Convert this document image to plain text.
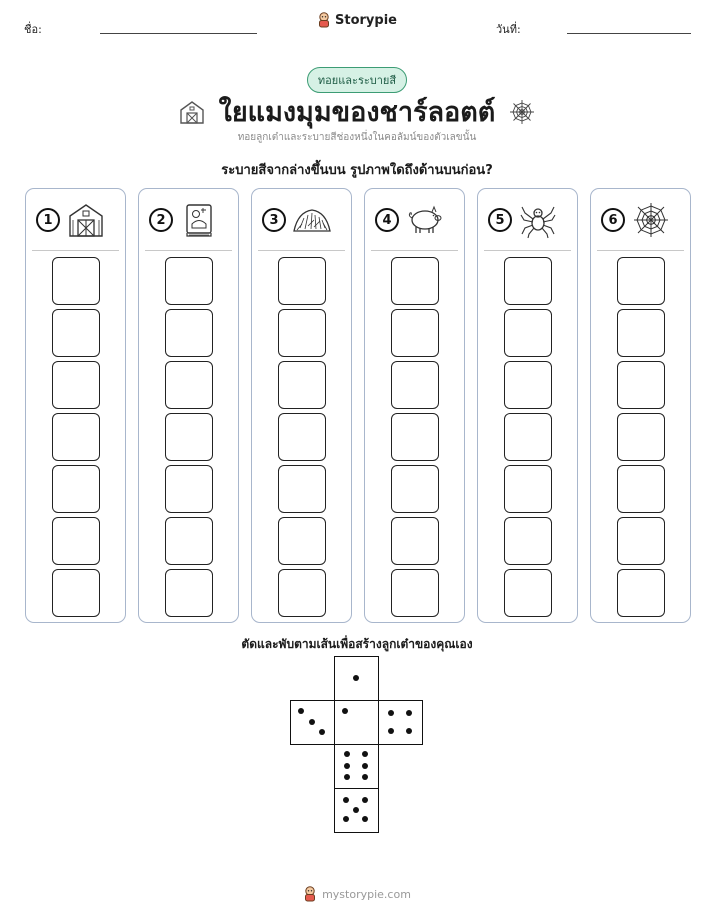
ชื่อ:
Storypie
วันที่:
ทอยและระบายสี
ใยแมงมุมของชาร์ลอตต์
ทอยลูกเต๋าและระบายสีช่องหนึ่งในคอลัมน์ของตัวเลขนั้น
ระบายสีจากล่างขึ้นบน รูปภาพใดถึงด้านบนก่อน?
1	2	3	4	5	6
ตัดและพับตามเส้นเพื่อสร้างลูกเต๋าของคุณเอง
mystorypie.com
